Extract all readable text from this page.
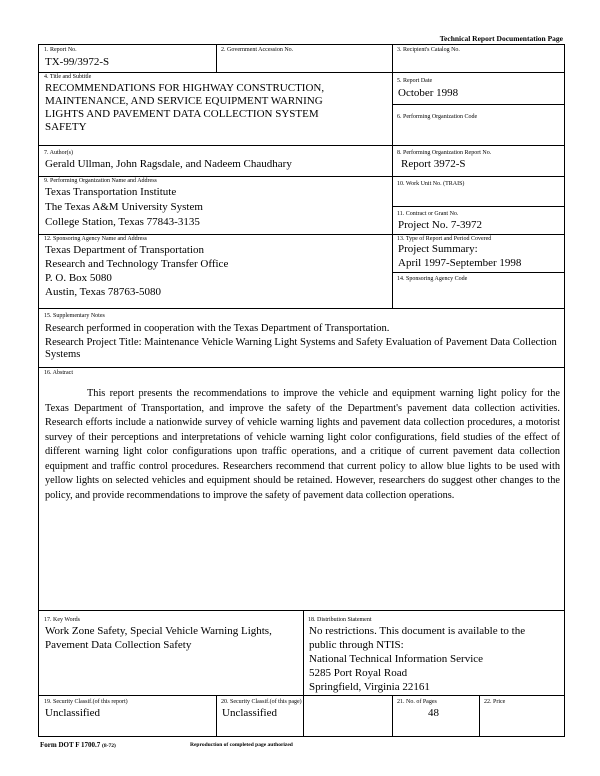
Technical Report Documentation Page
1. Report No.
TX-99/3972-S
2. Government Accession No.	3. Recipient's Catalog No.
4. Title and Subtitle
RECOMMENDATIONS FOR HIGHWAY CONSTRUCTION,
MAINTENANCE, AND SERVICE EQUIPMENT WARNING
LIGHTS AND PAVEMENT DATA COLLECTION SYSTEM
SAFETY
5. Report Date
October 1998
6. Performing Organization Code
7. Author(s)
Gerald Ullman, John Ragsdale, and Nadeem Chaudhary
8. Performing Organization Report No.
Report 3972-S
9. Performing Organization Name and Address
Texas Transportation Institute
The Texas A&M University System
College Station, Texas 77843-3135
10. Work Unit No. (TRAIS)
11. Contract or Grant No.
Project No. 7-3972
12. Sponsoring Agency Name and Address
Texas Department of Transportation
Research and Technology Transfer Office
P. O. Box 5080
Austin, Texas 78763-5080
13. Type of Report and Period Covered
Project Summary:
April 1997-September 1998
14. Sponsoring Agency Code
15. Supplementary Notes
Research performed in cooperation with the Texas Department of Transportation.
Research Project Title: Maintenance Vehicle Warning Light Systems and Safety Evaluation of Pavement Data Collection Systems
16. Abstract
This report presents the recommendations to improve the vehicle and equipment warning light policy for the Texas Department of Transportation, and improve the safety of the Department's pavement data collection activities. Research efforts include a nationwide survey of vehicle warning lights and pavement data collection procedures, a motorist survey of their perceptions and interpretations of vehicle warning light color configurations, field studies of the effect of different warning light color configurations upon traffic operations, and a critique of current pavement data collection equipment and traffic control procedures. Researchers recommend that current policy to allow blue lights to be used with yellow lights on selected vehicles and equipment should be retained. However, researchers do suggest other changes to the policy, and provide recommendations to improve the safety of pavement data collection operations.
17. Key Words
Work Zone Safety, Special Vehicle Warning Lights,
Pavement Data Collection Safety
18. Distribution Statement
No restrictions. This document is available to the
public through NTIS:
National Technical Information Service
5285 Port Royal Road
Springfield, Virginia 22161
19. Security Classif.(of this report)
Unclassified
20. Security Classif.(of this page)
Unclassified
21. No. of Pages
48
22. Price
Form DOT F 1700.7 (8-72)	Reproduction of completed page authorized
